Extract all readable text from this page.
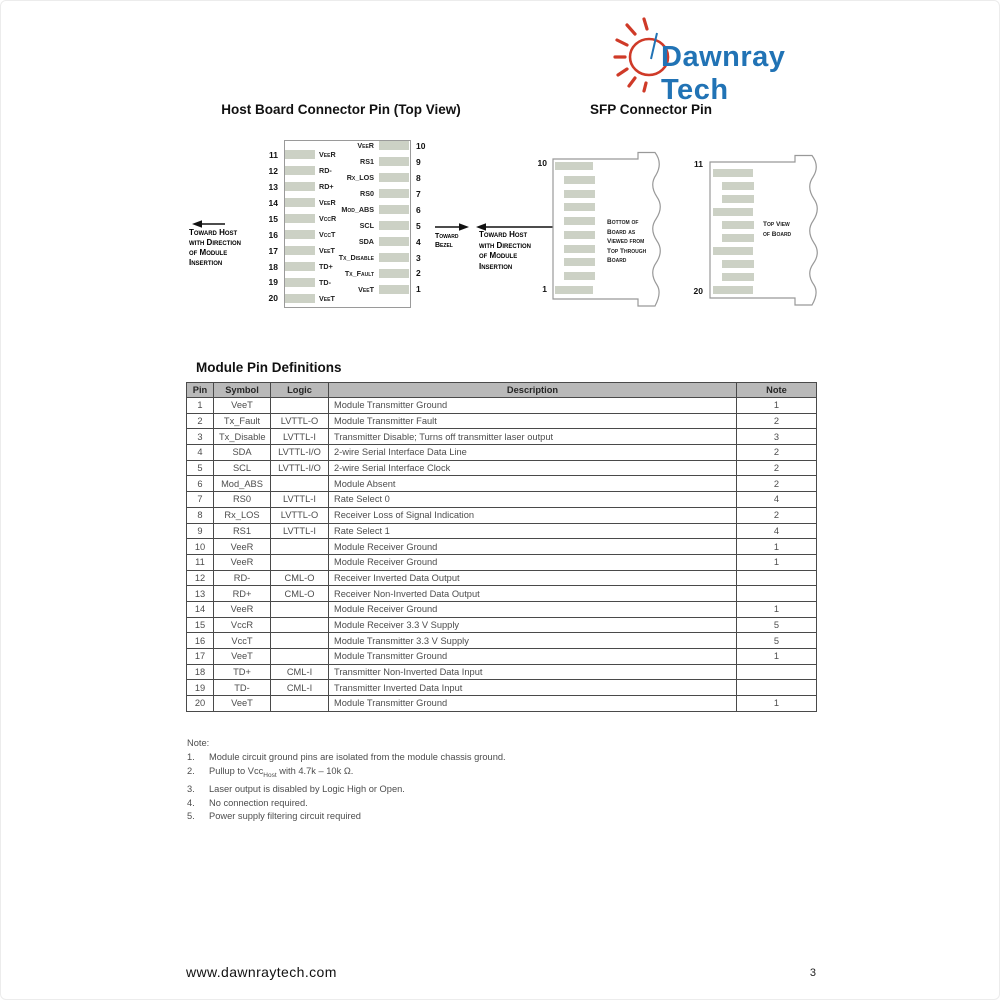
Dawnray Tech
Host Board Connector Pin (Top View)	SFP Connector Pin
11	VeeR
12	RD-
13	RD+
14	VeeR
15	VccR
16	VccT
17	VeeT
18	TD+
19	TD-
20	VeeT
VeeR	10
RS1	9
Rx_LOS	8
RS0	7
Mod_ABS	6
SCL	5
SDA	4
Tx_Disable	3
Tx_Fault	2
VeeT	1
Toward Host
with Direction
of Module
Insertion
Toward
Bezel
Toward Host
with Direction
of Module
Insertion
10
1
Bottom of
Board as
Viewed from
Top Through
Board
11
20
Top View
of Board
Module Pin Definitions
Pin	Symbol	Logic	Description	Note
1	VeeT		Module Transmitter Ground	1
2	Tx_Fault	LVTTL-O	Module Transmitter Fault	2
3	Tx_Disable	LVTTL-I	Transmitter Disable; Turns off transmitter laser output	3
4	SDA	LVTTL-I/O	2-wire Serial Interface Data Line	2
5	SCL	LVTTL-I/O	2-wire Serial Interface Clock	2
6	Mod_ABS		Module Absent	2
7	RS0	LVTTL-I	Rate Select 0	4
8	Rx_LOS	LVTTL-O	Receiver Loss of Signal Indication	2
9	RS1	LVTTL-I	Rate Select 1	4
10	VeeR		Module Receiver Ground	1
11	VeeR		Module Receiver Ground	1
12	RD-	CML-O	Receiver Inverted Data Output	
13	RD+	CML-O	Receiver Non-Inverted Data Output	
14	VeeR		Module Receiver Ground	1
15	VccR		Module Receiver 3.3 V Supply	5
16	VccT		Module Transmitter 3.3 V Supply	5
17	VeeT		Module Transmitter Ground	1
18	TD+	CML-I	Transmitter Non-Inverted Data Input	
19	TD-	CML-I	Transmitter Inverted Data Input	
20	VeeT		Module Transmitter Ground	1
Note:
1.	Module circuit ground pins are isolated from the module chassis ground.
2.	Pullup to Vcc$_{Host}$ with 4.7k – 10k Ω.
3.	Laser output is disabled by Logic High or Open.
4.	No connection required.
5.	Power supply filtering circuit required
www.dawnraytech.com	3
